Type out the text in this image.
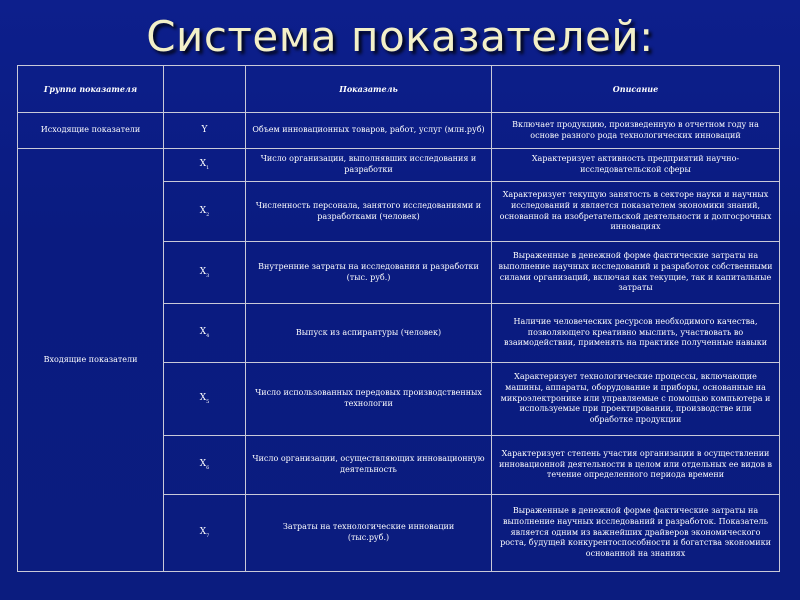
Система показателей:
Группа показателя		Показатель	Описание
Исходящие показатели	Y	Объем инновационных товаров, работ, услуг (млн.руб)	Включает продукцию, произведенную в отчетном году на основе разного рода технологических инноваций
Входящие показатели	$X_1$	Число организации, выполнявших исследования и разработки	Характеризует активность предприятий научно-исследовательской сферы
	$X_2$	Численность персонала, занятого исследованиями и разработками (человек)	Характеризует текущую занятость в секторе науки и научных исследований и является показателем экономики знаний, основанной на изобретательской деятельности и долгосрочных инновациях
	$X_3$	Внутренние затраты на исследования и разработки
(тыс. руб.)	Выраженные в денежной форме фактические затраты на выполнение научных исследований и разработок собственными силами организаций, включая как текущие, так и капитальные затраты
	$X_4$	Выпуск из аспирантуры (человек)	Наличие человеческих ресурсов необходимого качества, позволяющего креативно мыслить, участвовать во взаимодействии, применять на практике полученные навыки
	$X_5$	Число использованных передовых производственных технологии	Характеризует технологические процессы, включающие машины, аппараты, оборудование и приборы, основанные на микроэлектронике или управляемые с помощью компьютера и используемые при проектировании, производстве или обработке продукции
	$X_6$	Число организации, осуществляющих инновационную деятельность	Характеризует степень участия организации в осуществлении инновационной деятельности в целом или отдельных ее видов в течение определенного периода времени
	$X_7$	Затраты на технологические инновации
(тыс.руб.)	Выраженные в денежной форме фактические затраты на выполнение научных исследований и разработок. Показатель является одним из важнейших драйверов экономического роста, будущей конкурентоспособности и богатства экономики основанной на знаниях
